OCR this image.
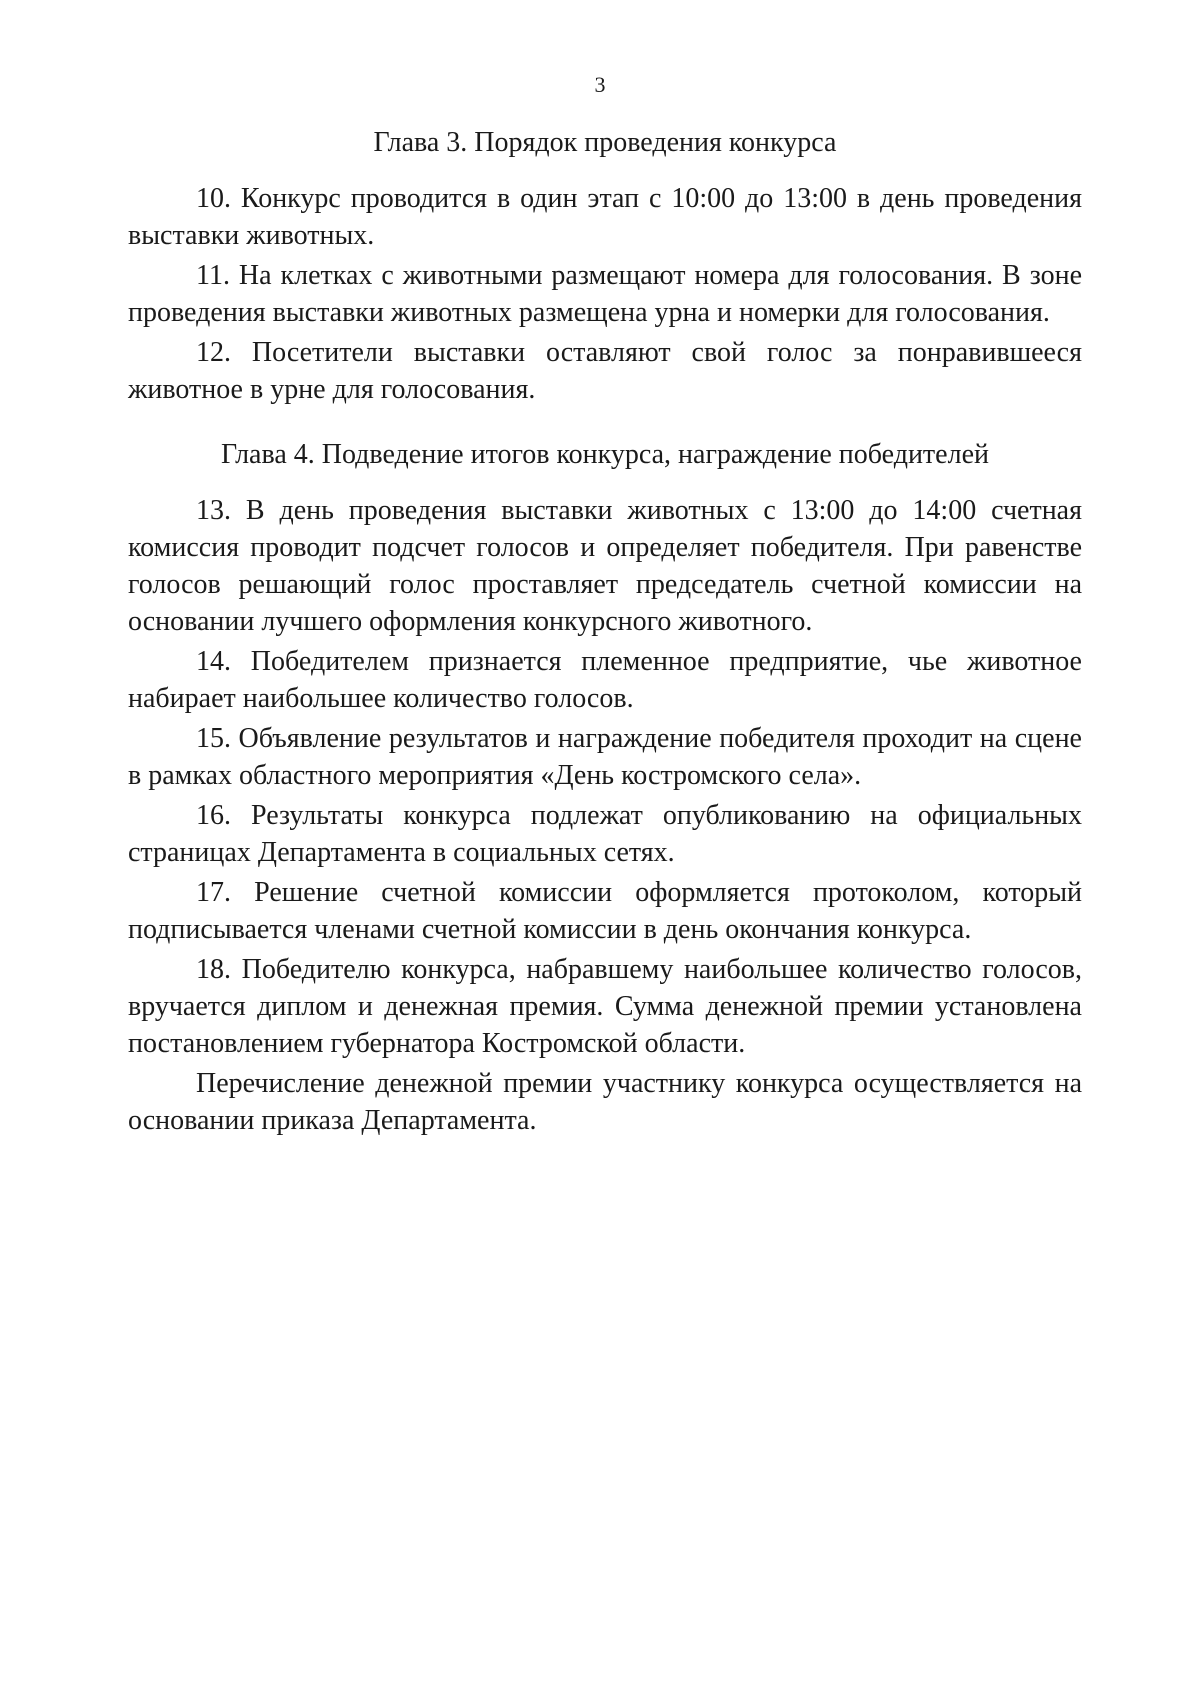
3

Глава 3. Порядок проведения конкурса

10. Конкурс проводится в один этап с 10:00 до 13:00 в день проведения выставки животных.

11. На клетках с животными размещают номера для голосования. В зоне проведения выставки животных размещена урна и номерки для голосования.

12. Посетители выставки оставляют свой голос за понравившееся животное в урне для голосования.

Глава 4. Подведение итогов конкурса, награждение победителей

13. В день проведения выставки животных с 13:00 до 14:00 счетная комиссия проводит подсчет голосов и определяет победителя. При равенстве голосов решающий голос проставляет председатель счетной комиссии на основании лучшего оформления конкурсного животного.

14. Победителем признается племенное предприятие, чье животное набирает наибольшее количество голосов.

15. Объявление результатов и награждение победителя проходит на сцене в рамках областного мероприятия «День костромского села».

16. Результаты конкурса подлежат опубликованию на официальных страницах Департамента в социальных сетях.

17. Решение счетной комиссии оформляется протоколом, который подписывается членами счетной комиссии в день окончания конкурса.

18. Победителю конкурса, набравшему наибольшее количество голосов, вручается диплом и денежная премия. Сумма денежной премии установлена постановлением губернатора Костромской области.

Перечисление денежной премии участнику конкурса осуществляется на основании приказа Департамента.
